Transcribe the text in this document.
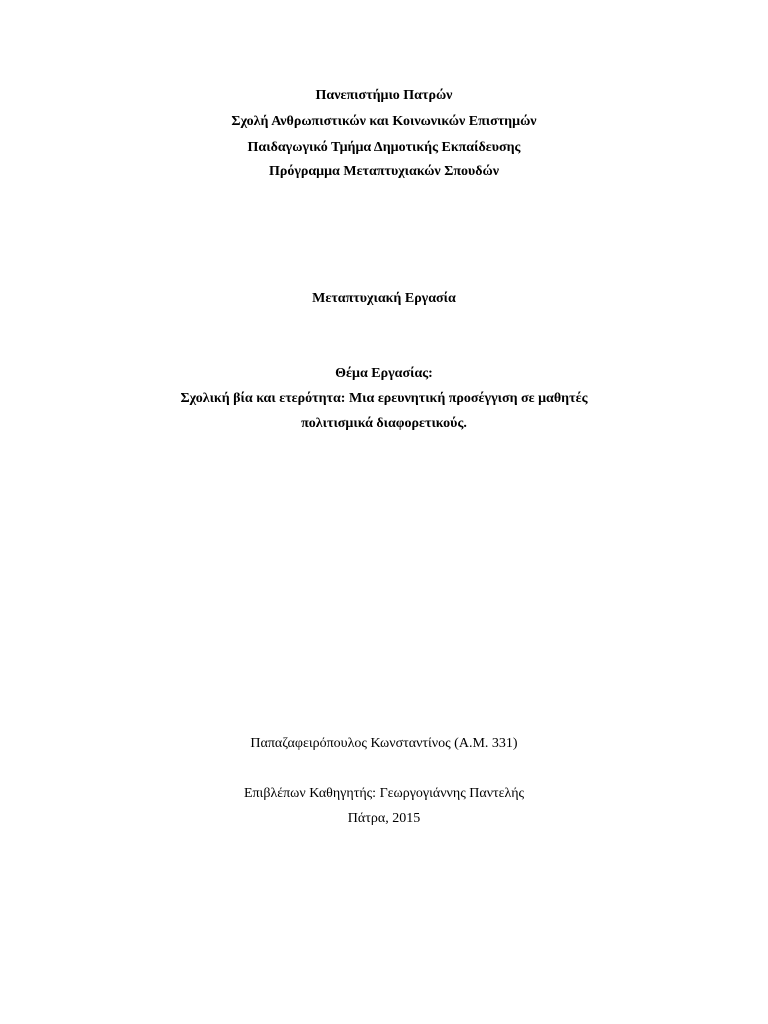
Πανεπιστήμιο Πατρών
Σχολή Ανθρωπιστικών και Κοινωνικών Επιστημών
Παιδαγωγικό Τμήμα Δημοτικής Εκπαίδευσης
Πρόγραμμα Μεταπτυχιακών Σπουδών
Μεταπτυχιακή Εργασία
Θέμα Εργασίας:
Σχολική βία και ετερότητα: Μια ερευνητική προσέγγιση σε μαθητές
πολιτισμικά διαφορετικούς.
Παπαζαφειρόπουλος Κωνσταντίνος (Α.Μ. 331)
Επιβλέπων Καθηγητής: Γεωργογιάννης Παντελής
Πάτρα, 2015
